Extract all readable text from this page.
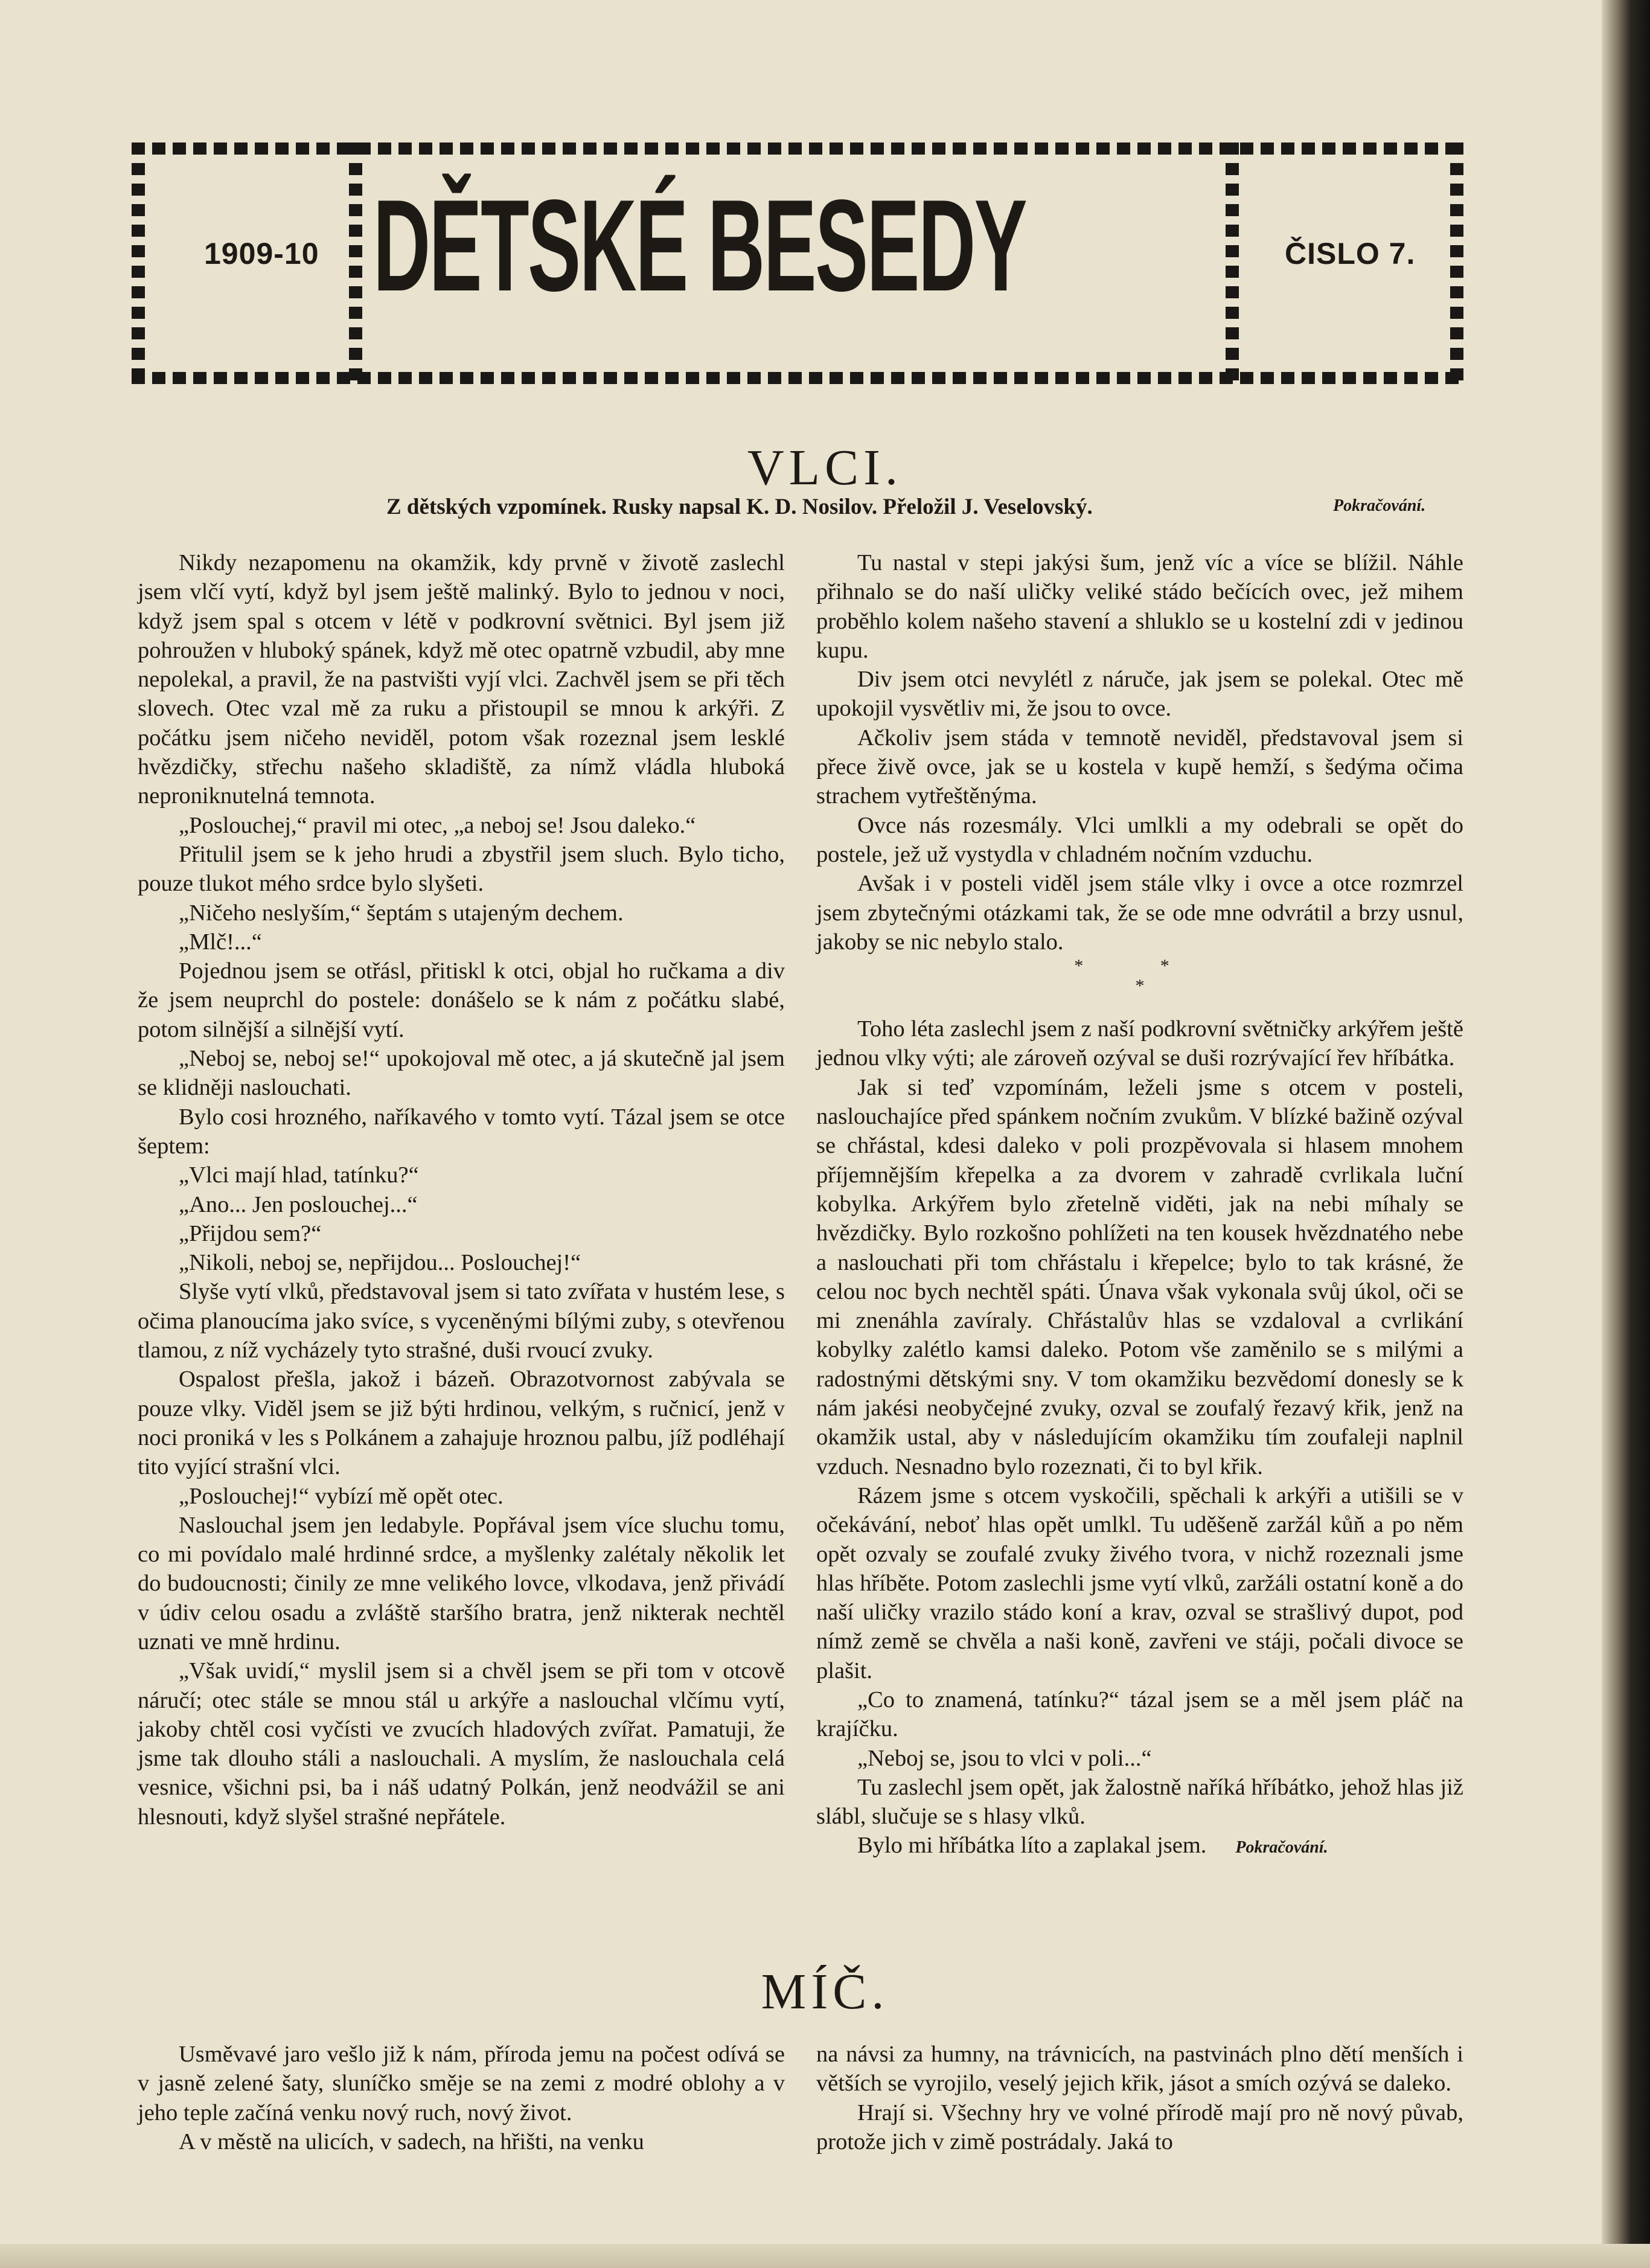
1909-10 DĚTSKÉ BESEDY	ČISLO 7.
VLCI.
Z dětských vzpomínek. Rusky napsal K. D. Nosilov. Přeložil J. Veselovský.	Pokračování.

Nikdy nezapomenu na okamžik, kdy prvně v životě zaslechl jsem vlčí vytí, když byl jsem ještě malinký. Bylo to jednou v noci, když jsem spal s otcem v létě v podkrovní světnici. Byl jsem již pohroužen v hluboký spánek, když mě otec opatrně vzbudil, aby mne nepolekal, a pravil, že na pastvišti vyjí vlci. Zachvěl jsem se při těch slovech. Otec vzal mě za ruku a přistoupil se mnou k arkýři. Z počátku jsem ničeho neviděl, potom však rozeznal jsem lesklé hvězdičky, střechu našeho skladiště, za nímž vládla hluboká neproniknutelná temnota.

„Poslouchej,“ pravil mi otec, „a neboj se! Jsou daleko.“

Přitulil jsem se k jeho hrudi a zbystřil jsem sluch. Bylo ticho, pouze tlukot mého srdce bylo slyšeti.

„Ničeho neslyším,“ šeptám s utajeným dechem.

„Mlč!...“

Pojednou jsem se otřásl, přitiskl k otci, objal ho ručkama a div že jsem neuprchl do postele: donášelo se k nám z počátku slabé, potom silnější a silnější vytí.

„Neboj se, neboj se!“ upokojoval mě otec, a já skutečně jal jsem se klidněji naslouchati.

Bylo cosi hrozného, naříkavého v tomto vytí. Tázal jsem se otce šeptem:

„Vlci mají hlad, tatínku?“

„Ano... Jen poslouchej...“

„Přijdou sem?“

„Nikoli, neboj se, nepřijdou... Poslouchej!“

Slyše vytí vlků, představoval jsem si tato zvířata v hustém lese, s očima planoucíma jako svíce, s vyceněnými bílými zuby, s otevřenou tlamou, z níž vycházely tyto strašné, duši rvoucí zvuky.

Ospalost přešla, jakož i bázeň. Obrazotvornost zabývala se pouze vlky. Viděl jsem se již býti hrdinou, velkým, s ručnicí, jenž v noci proniká v les s Polkánem a zahajuje hroznou palbu, jíž podléhají tito vyjící strašní vlci.

„Poslouchej!“ vybízí mě opět otec.

Naslouchal jsem jen ledabyle. Popřával jsem více sluchu tomu, co mi povídalo malé hrdinné srdce, a myšlenky zalétaly několik let do budoucnosti; činily ze mne velikého lovce, vlkodava, jenž přivádí v údiv celou osadu a zvláště staršího bratra, jenž nikterak nechtěl uznati ve mně hrdinu.

„Však uvidí,“ myslil jsem si a chvěl jsem se při tom v otcově náručí; otec stále se mnou stál u arkýře a naslouchal vlčímu vytí, jakoby chtěl cosi vyčísti ve zvucích hladových zvířat. Pamatuji, že jsme tak dlouho stáli a naslouchali. A myslím, že naslouchala celá vesnice, všichni psi, ba i náš udatný Polkán, jenž neodvážil se ani hlesnouti, když slyšel strašné nepřátele.

Tu nastal v stepi jakýsi šum, jenž víc a více se blížil. Náhle přihnalo se do naší uličky veliké stádo bečících ovec, jež mihem proběhlo kolem našeho stavení a shluklo se u kostelní zdi v jedinou kupu.

Div jsem otci nevylétl z náruče, jak jsem se polekal. Otec mě upokojil vysvětliv mi, že jsou to ovce.

Ačkoliv jsem stáda v temnotě neviděl, představoval jsem si přece živě ovce, jak se u kostela v kupě hemží, s šedýma očima strachem vytřeštěnýma.

Ovce nás rozesmály. Vlci umlkli a my odebrali se opět do postele, jež už vystydla v chladném nočním vzduchu.

Avšak i v posteli viděl jsem stále vlky i ovce a otce rozmrzel jsem zbytečnými otázkami tak, že se ode mne odvrátil a brzy usnul, jakoby se nic nebylo stalo.

* *

*

Toho léta zaslechl jsem z naší podkrovní světničky arkýřem ještě jednou vlky výti; ale zároveň ozýval se duši rozrývající řev hříbátka.

Jak si teď vzpomínám, leželi jsme s otcem v posteli, naslouchajíce před spánkem nočním zvukům. V blízké bažině ozýval se chřástal, kdesi daleko v poli prozpěvovala si hlasem mnohem příjemnějším křepelka a za dvorem v zahradě cvrlikala luční kobylka. Arkýřem bylo zřetelně viděti, jak na nebi míhaly se hvězdičky. Bylo rozkošno pohlížeti na ten kousek hvězdnatého nebe a naslouchati při tom chřástalu i křepelce; bylo to tak krásné, že celou noc bych nechtěl spáti. Únava však vykonala svůj úkol, oči se mi znenáhla zavíraly. Chřástalův hlas se vzdaloval a cvrlikání kobylky zalétlo kamsi daleko. Potom vše zaměnilo se s milými a radostnými dětskými sny. V tom okamžiku bezvědomí donesly se k nám jakési neobyčejné zvuky, ozval se zoufalý řezavý křik, jenž na okamžik ustal, aby v následujícím okamžiku tím zoufaleji naplnil vzduch. Nesnadno bylo rozeznati, či to byl křik.

Rázem jsme s otcem vyskočili, spěchali k arkýři a utišili se v očekávání, neboť hlas opět umlkl. Tu uděšeně zaržál kůň a po něm opět ozvaly se zoufalé zvuky živého tvora, v nichž rozeznali jsme hlas hříběte. Potom zaslechli jsme vytí vlků, zaržáli ostatní koně a do naší uličky vrazilo stádo koní a krav, ozval se strašlivý dupot, pod nímž země se chvěla a naši koně, zavřeni ve stáji, počali divoce se plašit.

„Co to znamená, tatínku?“ tázal jsem se a měl jsem pláč na krajíčku.

„Neboj se, jsou to vlci v poli...“

Tu zaslechl jsem opět, jak žalostně naříká hříbátko, jehož hlas již slábl, slučuje se s hlasy vlků.

Bylo mi hříbátka líto a zaplakal jsem. Pokračování.

MÍČ.

Usměvavé jaro vešlo již k nám, příroda jemu na počest odívá se v jasně zelené šaty, sluníčko směje se na zemi z modré oblohy a v jeho teple začíná venku nový ruch, nový život.

A v městě na ulicích, v sadech, na hřišti, na venku

na návsi za humny, na trávnicích, na pastvinách plno dětí menších i větších se vyrojilo, veselý jejich křik, jásot a smích ozývá se daleko.

Hrají si. Všechny hry ve volné přírodě mají pro ně nový půvab, protože jich v zimě postrádaly. Jaká to
